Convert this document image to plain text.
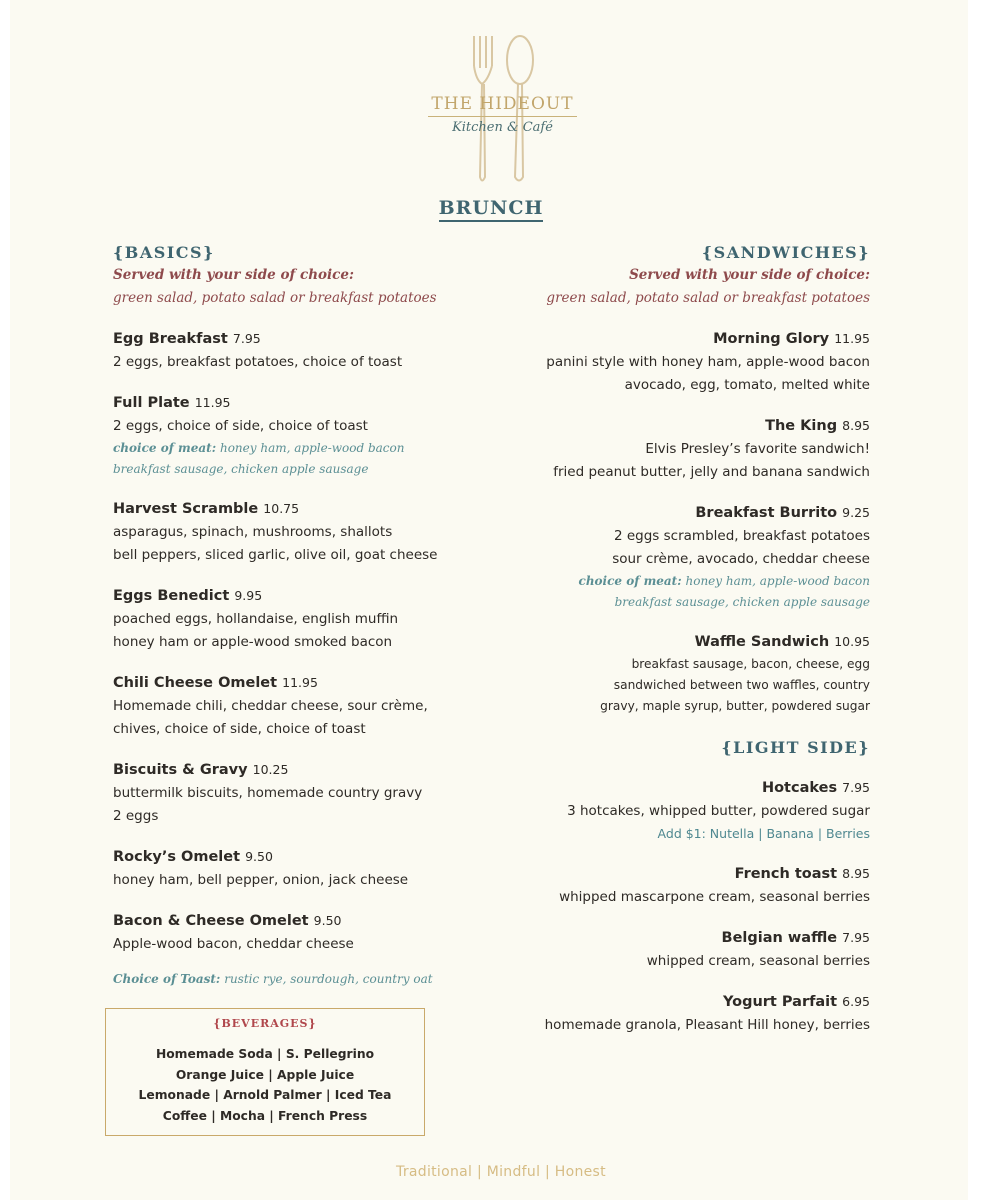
THE HIDEOUT
Kitchen & Café
BRUNCH
{BASICS}
Served with your side of choice:
green salad, potato salad or breakfast potatoes
Egg Breakfast 7.95
2 eggs, breakfast potatoes, choice of toast
Full Plate 11.95
2 eggs, choice of side, choice of toast
choice of meat: honey ham, apple-wood bacon
breakfast sausage, chicken apple sausage
Harvest Scramble 10.75
asparagus, spinach, mushrooms, shallots
bell peppers, sliced garlic, olive oil, goat cheese
Eggs Benedict 9.95
poached eggs, hollandaise, english muffin
honey ham or apple-wood smoked bacon
Chili Cheese Omelet 11.95
Homemade chili, cheddar cheese, sour crème,
chives, choice of side, choice of toast
Biscuits & Gravy 10.25
buttermilk biscuits, homemade country gravy
2 eggs
Rocky’s Omelet 9.50
honey ham, bell pepper, onion, jack cheese
Bacon & Cheese Omelet 9.50
Apple-wood bacon, cheddar cheese
Choice of Toast: rustic rye, sourdough, country oat
{SANDWICHES}
Served with your side of choice:
green salad, potato salad or breakfast potatoes
Morning Glory 11.95
panini style with honey ham, apple-wood bacon
avocado, egg, tomato, melted white
The King 8.95
Elvis Presley’s favorite sandwich!
fried peanut butter, jelly and banana sandwich
Breakfast Burrito 9.25
2 eggs scrambled, breakfast potatoes
sour crème, avocado, cheddar cheese
choice of meat: honey ham, apple-wood bacon
breakfast sausage, chicken apple sausage
Waffle Sandwich 10.95
breakfast sausage, bacon, cheese, egg
sandwiched between two waffles, country
gravy, maple syrup, butter, powdered sugar
{LIGHT SIDE}
Hotcakes 7.95
3 hotcakes, whipped butter, powdered sugar
Add $1: Nutella | Banana | Berries
French toast 8.95
whipped mascarpone cream, seasonal berries
Belgian waffle 7.95
whipped cream, seasonal berries
Yogurt Parfait 6.95
homemade granola, Pleasant Hill honey, berries
{BEVERAGES}
Homemade Soda | S. Pellegrino
Orange Juice | Apple Juice
Lemonade | Arnold Palmer | Iced Tea
Coffee | Mocha | French Press
Traditional | Mindful | Honest
